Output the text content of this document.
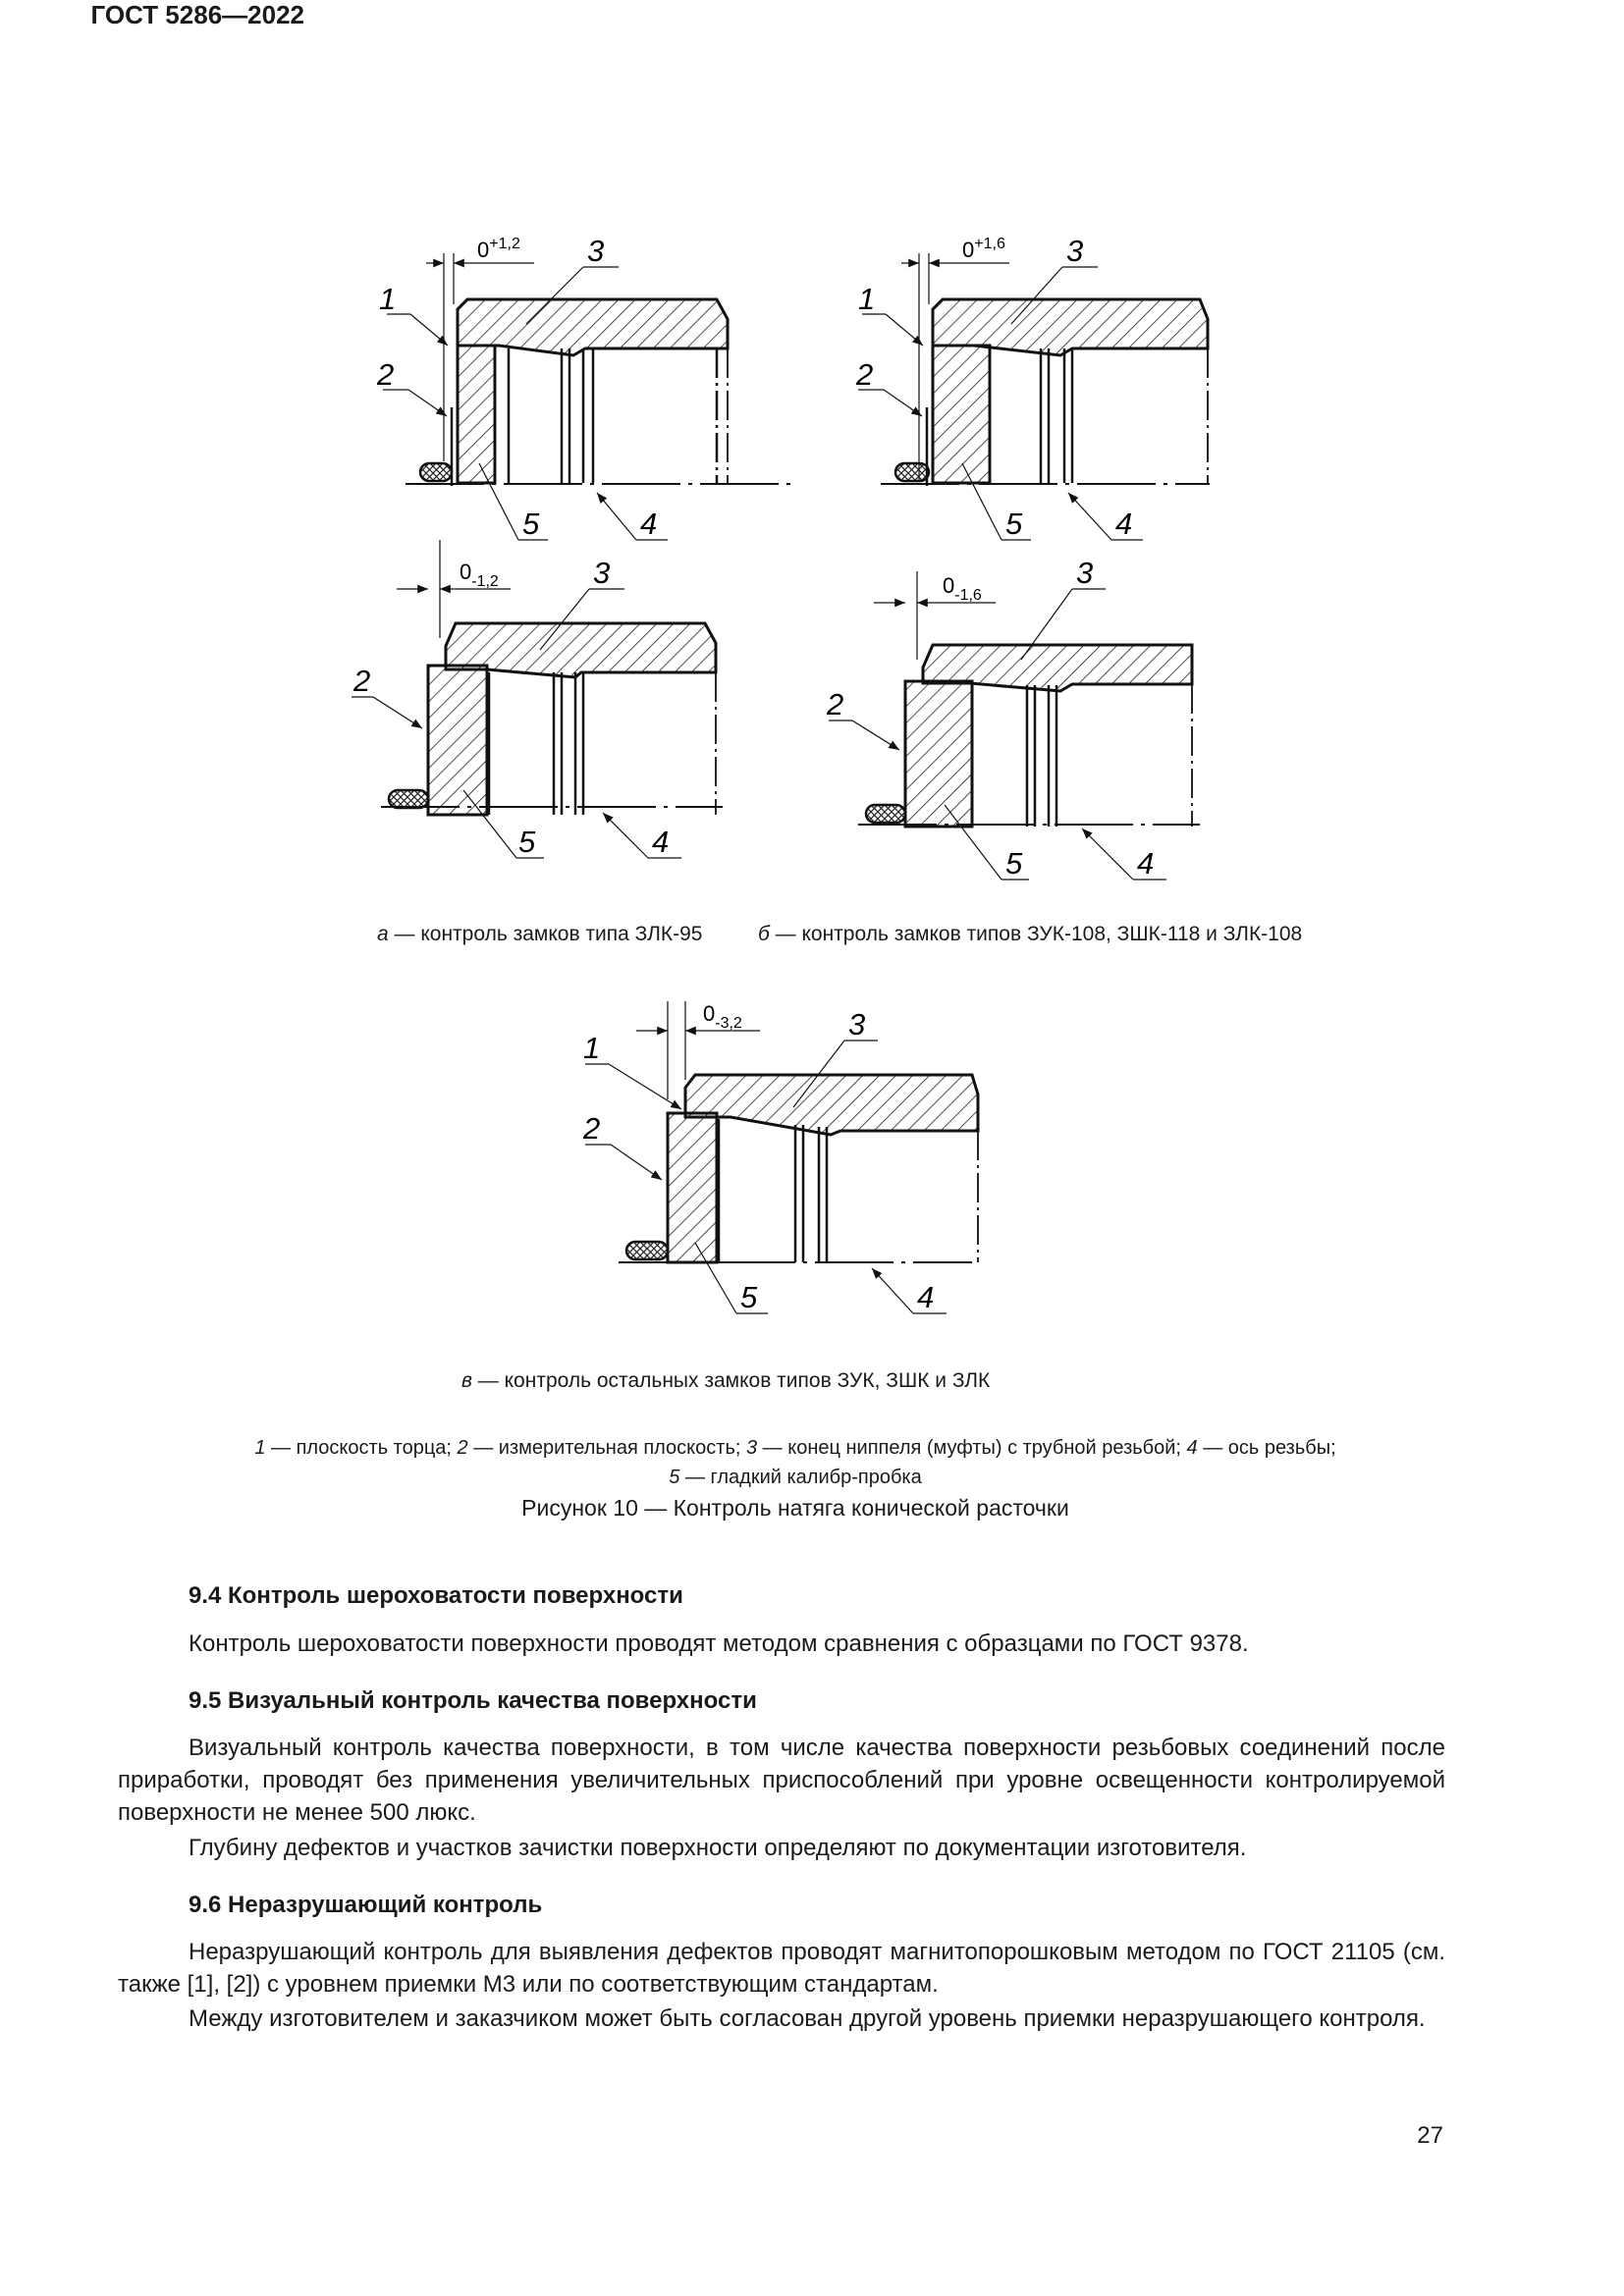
ГОСТ 5286—2022
$0^{+1,2}$
1
2
3
4
5
$0_{-1,2}$
2
3
4
5
$0^{+1,6}$
1
2
3
4
5
$0_{-1,6}$
2
3
4
5
$0_{-3,2}$
1
2
3
4
5
а — контроль замков типа ЗЛК-95	б — контроль замков типов ЗУК-108, ЗШК-118 и ЗЛК-108
в — контроль остальных замков типов ЗУК, ЗШК и ЗЛК
1 — плоскость торца; 2 — измерительная плоскость; 3 — конец ниппеля (муфты) с трубной резьбой; 4 — ось резьбы;
5 — гладкий калибр-пробка
Рисунок 10 — Контроль натяга конической расточки
9.4 Контроль шероховатости поверхности
Контроль шероховатости поверхности проводят методом сравнения с образцами по ГОСТ 9378.
9.5 Визуальный контроль качества поверхности
Визуальный контроль качества поверхности, в том числе качества поверхности резьбовых соединений после приработки, проводят без применения увеличительных приспособлений при уровне освещенности контролируемой поверхности не менее 500 люкс.
Глубину дефектов и участков зачистки поверхности определяют по документации изготовителя.
9.6 Неразрушающий контроль
Неразрушающий контроль для выявления дефектов проводят магнитопорошковым методом по ГОСТ 21105 (см. также [1], [2]) с уровнем приемки М3 или по соответствующим стандартам.
Между изготовителем и заказчиком может быть согласован другой уровень приемки неразрушающего контроля.
27
